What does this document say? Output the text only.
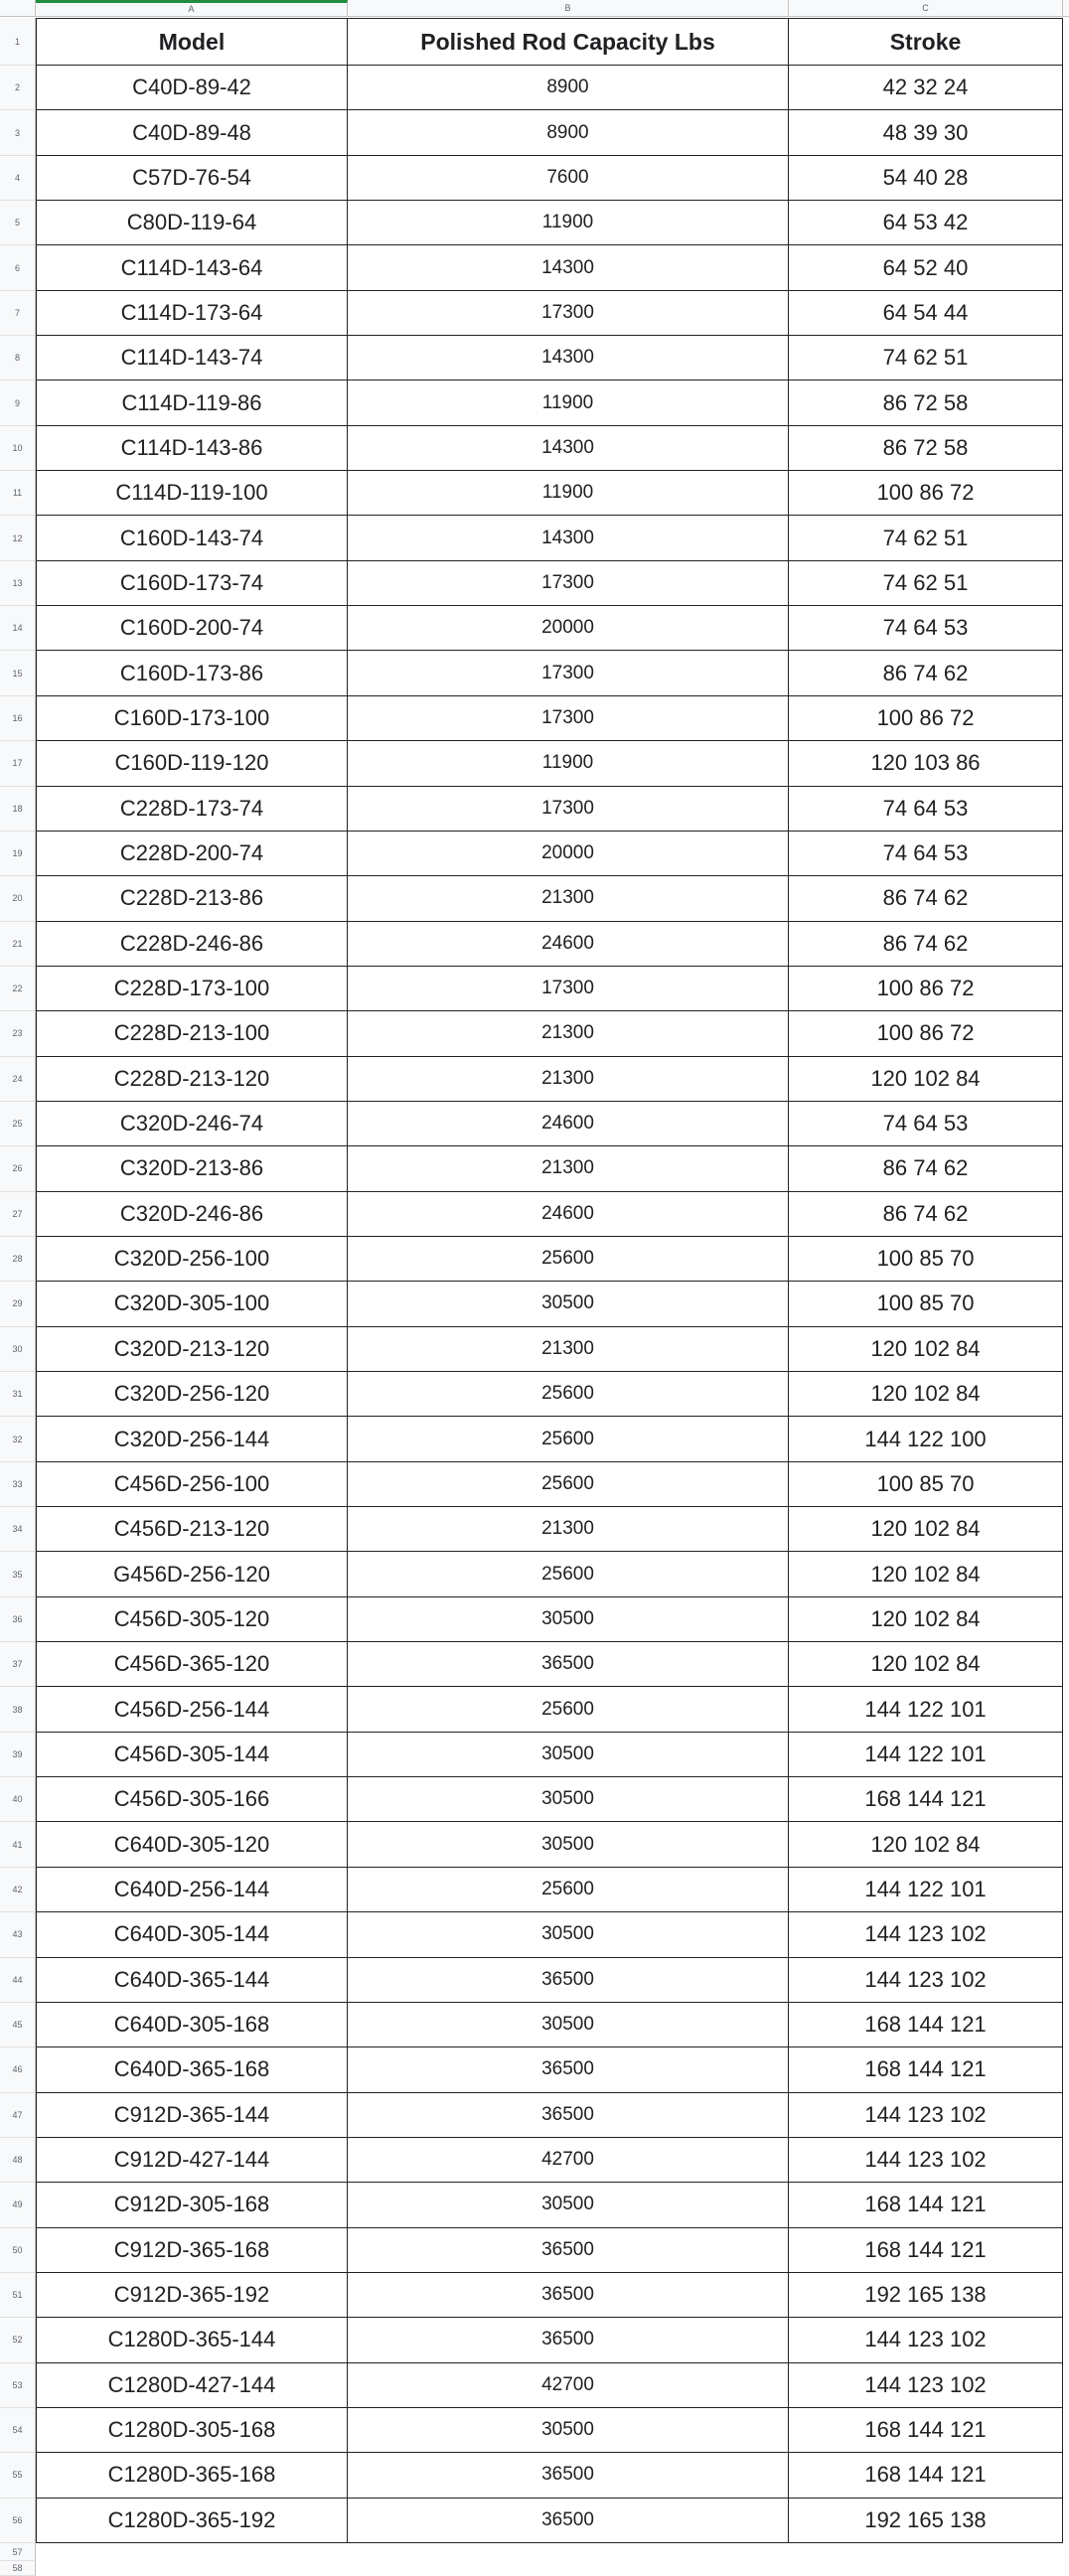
A	B	C
1	Model	Polished Rod Capacity Lbs	Stroke
2	C40D-89-42	8900	42 32 24
3	C40D-89-48	8900	48 39 30
4	C57D-76-54	7600	54 40 28
5	C80D-119-64	11900	64 53 42
6	C114D-143-64	14300	64 52 40
7	C114D-173-64	17300	64 54 44
8	C114D-143-74	14300	74 62 51
9	C114D-119-86	11900	86 72 58
10	C114D-143-86	14300	86 72 58
11	C114D-119-100	11900	100 86 72
12	C160D-143-74	14300	74 62 51
13	C160D-173-74	17300	74 62 51
14	C160D-200-74	20000	74 64 53
15	C160D-173-86	17300	86 74 62
16	C160D-173-100	17300	100 86 72
17	C160D-119-120	11900	120 103 86
18	C228D-173-74	17300	74 64 53
19	C228D-200-74	20000	74 64 53
20	C228D-213-86	21300	86 74 62
21	C228D-246-86	24600	86 74 62
22	C228D-173-100	17300	100 86 72
23	C228D-213-100	21300	100 86 72
24	C228D-213-120	21300	120 102 84
25	C320D-246-74	24600	74 64 53
26	C320D-213-86	21300	86 74 62
27	C320D-246-86	24600	86 74 62
28	C320D-256-100	25600	100 85 70
29	C320D-305-100	30500	100 85 70
30	C320D-213-120	21300	120 102 84
31	C320D-256-120	25600	120 102 84
32	C320D-256-144	25600	144 122 100
33	C456D-256-100	25600	100 85 70
34	C456D-213-120	21300	120 102 84
35	G456D-256-120	25600	120 102 84
36	C456D-305-120	30500	120 102 84
37	C456D-365-120	36500	120 102 84
38	C456D-256-144	25600	144 122 101
39	C456D-305-144	30500	144 122 101
40	C456D-305-166	30500	168 144 121
41	C640D-305-120	30500	120 102 84
42	C640D-256-144	25600	144 122 101
43	C640D-305-144	30500	144 123 102
44	C640D-365-144	36500	144 123 102
45	C640D-305-168	30500	168 144 121
46	C640D-365-168	36500	168 144 121
47	C912D-365-144	36500	144 123 102
48	C912D-427-144	42700	144 123 102
49	C912D-305-168	30500	168 144 121
50	C912D-365-168	36500	168 144 121
51	C912D-365-192	36500	192 165 138
52	C1280D-365-144	36500	144 123 102
53	C1280D-427-144	42700	144 123 102
54	C1280D-305-168	30500	168 144 121
55	C1280D-365-168	36500	168 144 121
56	C1280D-365-192	36500	192 165 138
57
58
